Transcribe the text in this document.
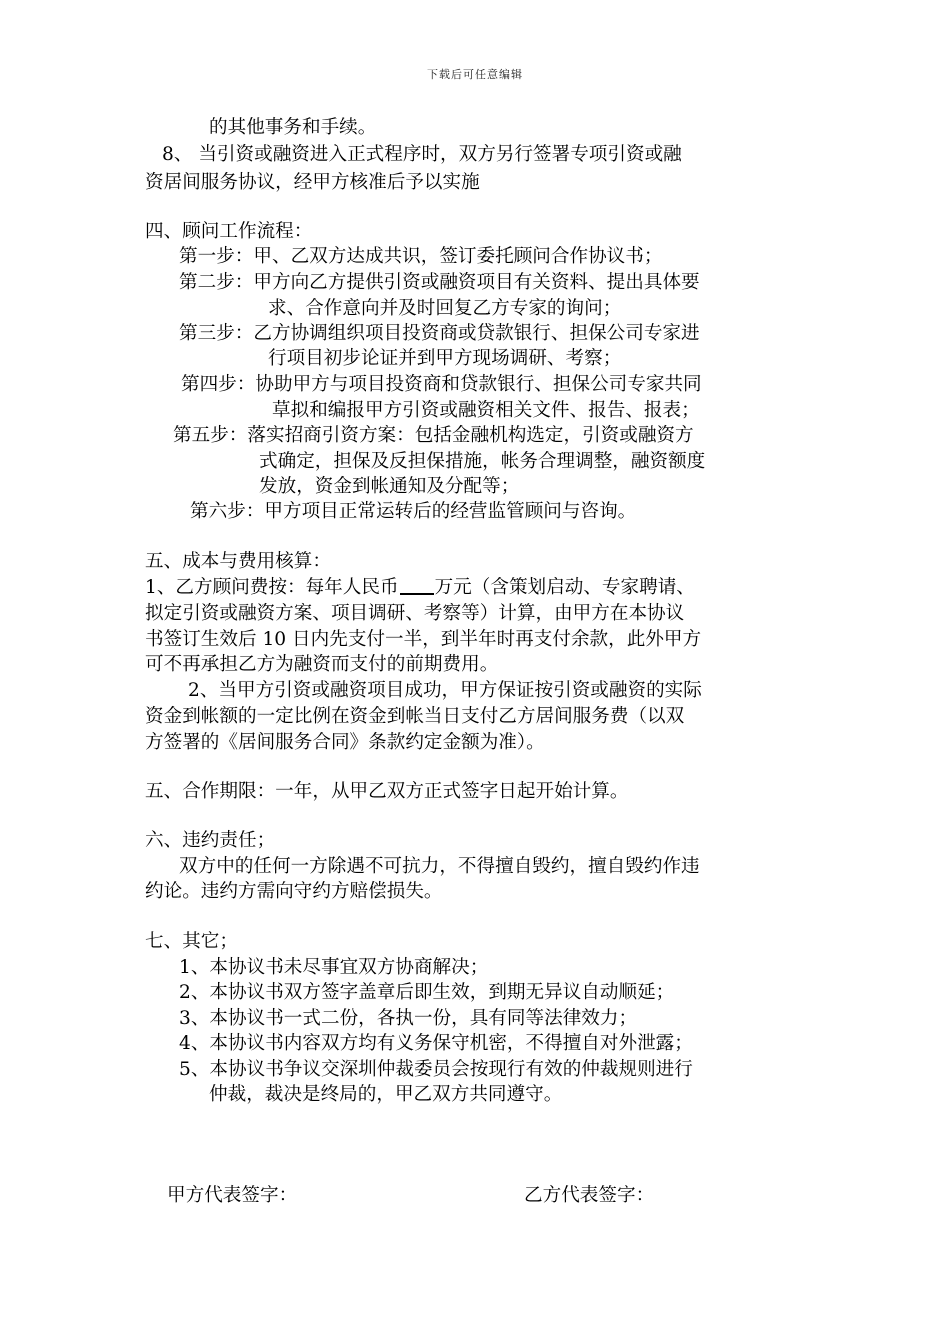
下载后可任意编辑
的其他事务和手续。
8、 当引资或融资进入正式程序时，双方另行签署专项引资或融
资居间服务协议，经甲方核准后予以实施
四、顾问工作流程：
第一步：甲、乙双方达成共识，签订委托顾问合作协议书；
第二步：甲方向乙方提供引资或融资项目有关资料、提出具体要
求、合作意向并及时回复乙方专家的询问；
第三步：乙方协调组织项目投资商或贷款银行、担保公司专家进
行项目初步论证并到甲方现场调研、考察；
第四步：协助甲方与项目投资商和贷款银行、担保公司专家共同
草拟和编报甲方引资或融资相关文件、报告、报表；
第五步：落实招商引资方案：包括金融机构选定，引资或融资方
式确定，担保及反担保措施，帐务合理调整，融资额度
发放，资金到帐通知及分配等；
第六步：甲方项目正常运转后的经营监管顾问与咨询。
五、成本与费用核算：
1、乙方顾问费按：每年人民币 万元（含策划启动、专家聘请、
拟定引资或融资方案、项目调研、考察等）计算，由甲方在本协议
书签订生效后 10 日内先支付一半，到半年时再支付余款，此外甲方
可不再承担乙方为融资而支付的前期费用。
2、当甲方引资或融资项目成功，甲方保证按引资或融资的实际
资金到帐额的一定比例在资金到帐当日支付乙方居间服务费（以双
方签署的《居间服务合同》条款约定金额为准）。
五、合作期限：一年，从甲乙双方正式签字日起开始计算。
六、违约责任；
双方中的任何一方除遇不可抗力，不得擅自毁约，擅自毁约作违
约论。违约方需向守约方赔偿损失。
七、其它；
1、本协议书未尽事宜双方协商解决；
2、本协议书双方签字盖章后即生效，到期无异议自动顺延；
3、本协议书一式二份，各执一份，具有同等法律效力；
4、本协议书内容双方均有义务保守机密，不得擅自对外泄露；
5、本协议书争议交深圳仲裁委员会按现行有效的仲裁规则进行
仲裁，裁决是终局的，甲乙双方共同遵守。
甲方代表签字：	乙方代表签字：
